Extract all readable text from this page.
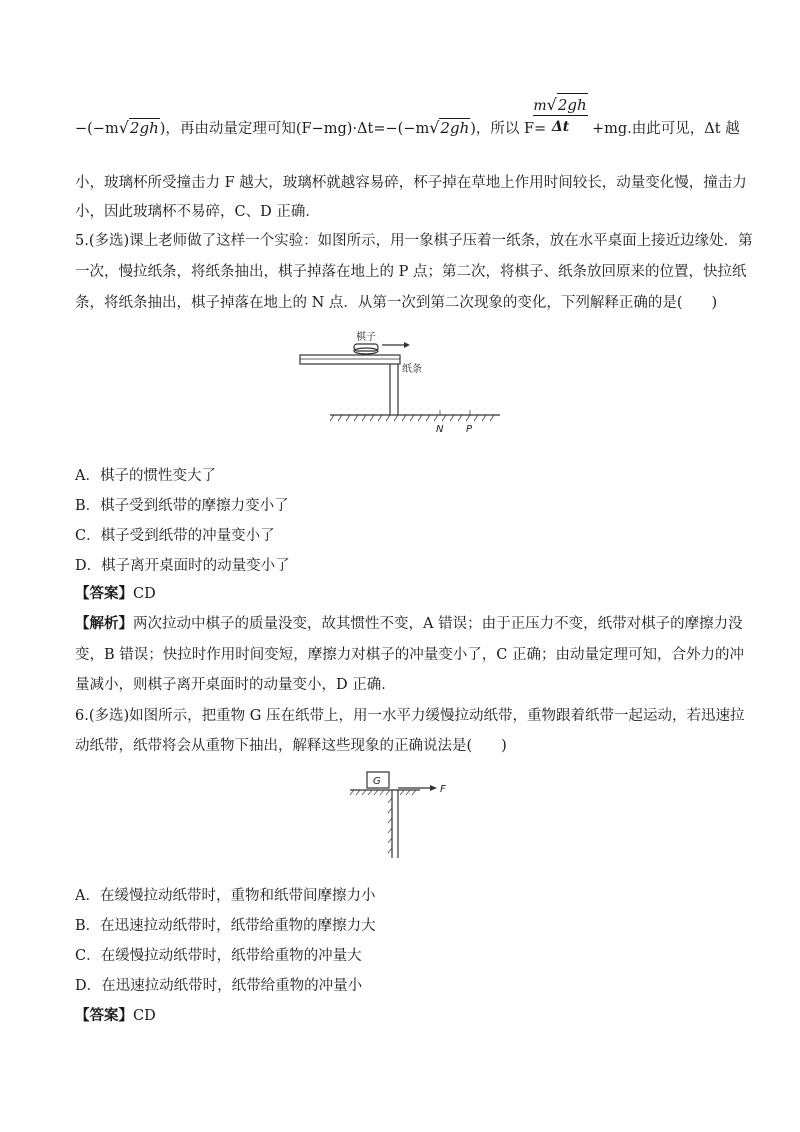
−(−m√2gh)，再由动量定理可知(F−mg)·Δt=−(−m√2gh)，所以 F=
m√2gh
Δt	+mg.由此可见，Δt 越
小，玻璃杯所受撞击力 F 越大，玻璃杯就越容易碎，杯子掉在草地上作用时间较长，动量变化慢，撞击力
小，因此玻璃杯不易碎，C、D 正确．
5.(多选)课上老师做了这样一个实验：如图所示，用一象棋子压着一纸条，放在水平桌面上接近边缘处．第
一次，慢拉纸条，将纸条抽出，棋子掉落在地上的 P 点；第二次，将棋子、纸条放回原来的位置，快拉纸
条，将纸条抽出，棋子掉落在地上的 N 点．从第一次到第二次现象的变化，下列解释正确的是(　　)
棋子
纸条
N P
A．棋子的惯性变大了
B．棋子受到纸带的摩擦力变小了
C．棋子受到纸带的冲量变小了
D．棋子离开桌面时的动量变小了
【答案】CD
【解析】两次拉动中棋子的质量没变，故其惯性不变，A 错误；由于正压力不变，纸带对棋子的摩擦力没
变，B 错误；快拉时作用时间变短，摩擦力对棋子的冲量变小了，C 正确；由动量定理可知，合外力的冲
量减小，则棋子离开桌面时的动量变小，D 正确．
6.(多选)如图所示，把重物 G 压在纸带上，用一水平力缓慢拉动纸带，重物跟着纸带一起运动，若迅速拉
动纸带，纸带将会从重物下抽出，解释这些现象的正确说法是(　　)
G
F
A．在缓慢拉动纸带时，重物和纸带间摩擦力小
B．在迅速拉动纸带时，纸带给重物的摩擦力大
C．在缓慢拉动纸带时，纸带给重物的冲量大
D．在迅速拉动纸带时，纸带给重物的冲量小
【答案】CD
